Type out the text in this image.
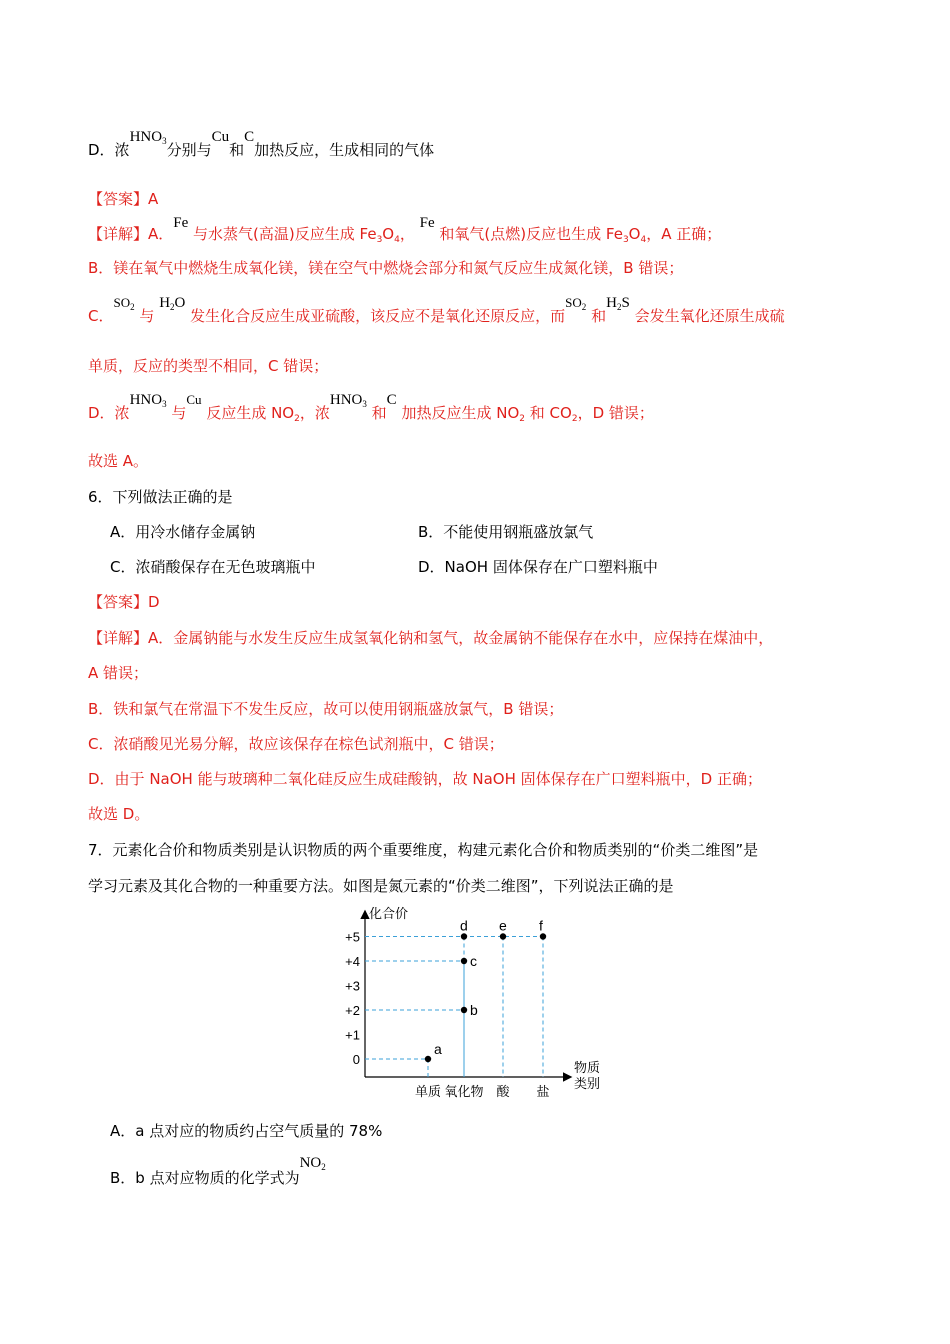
D．浓$HNO_3$分别与Cu和C加热反应，生成相同的气体
【答案】A
【详解】A．Fe 与水蒸气(高温)反应生成 $Fe_3O_4$， Fe 和氧气(点燃)反应也生成 $Fe_3O_4$，A 正确；
B．镁在氧气中燃烧生成氧化镁，镁在空气中燃烧会部分和氮气反应生成氮化镁，B 错误；
C．$SO_2$ 与 $H_2O$ 发生化合反应生成亚硫酸，该反应不是氧化还原反应，而$SO_2$ 和$H_2S$ 会发生氧化还原生成硫
单质，反应的类型不相同，C 错误；
D．浓$HNO_3$ 与Cu 反应生成 $NO_2$，浓$HNO_3$ 和C 加热反应生成 $NO_2$ 和 $CO_2$，D 错误；
故选 A。
6．下列做法正确的是
A．用冷水储存金属钠	B．不能使用钢瓶盛放氯气
C．浓硝酸保存在无色玻璃瓶中	D．NaOH 固体保存在广口塑料瓶中
【答案】D
【详解】A．金属钠能与水发生反应生成氢氧化钠和氢气，故金属钠不能保存在水中，应保持在煤油中，
A 错误；
B．铁和氯气在常温下不发生反应，故可以使用钢瓶盛放氯气，B 错误；
C．浓硝酸见光易分解，故应该保存在棕色试剂瓶中，C 错误；
D．由于 NaOH 能与玻璃种二氧化硅反应生成硅酸钠，故 NaOH 固体保存在广口塑料瓶中，D 正确；
故选 D。
7．元素化合价和物质类别是认识物质的两个重要维度，构建元素化合价和物质类别的“价类二维图”是
学习元素及其化合物的一种重要方法。如图是氮元素的“价类二维图”，下列说法正确的是
化合价
物质
类别
+5
+4
+3
+2
+1
0
单质 氧化物 酸 盐
a
b
c
d e f
A．a 点对应的物质约占空气质量的 78%
B．b 点对应物质的化学式为$NO_2$
